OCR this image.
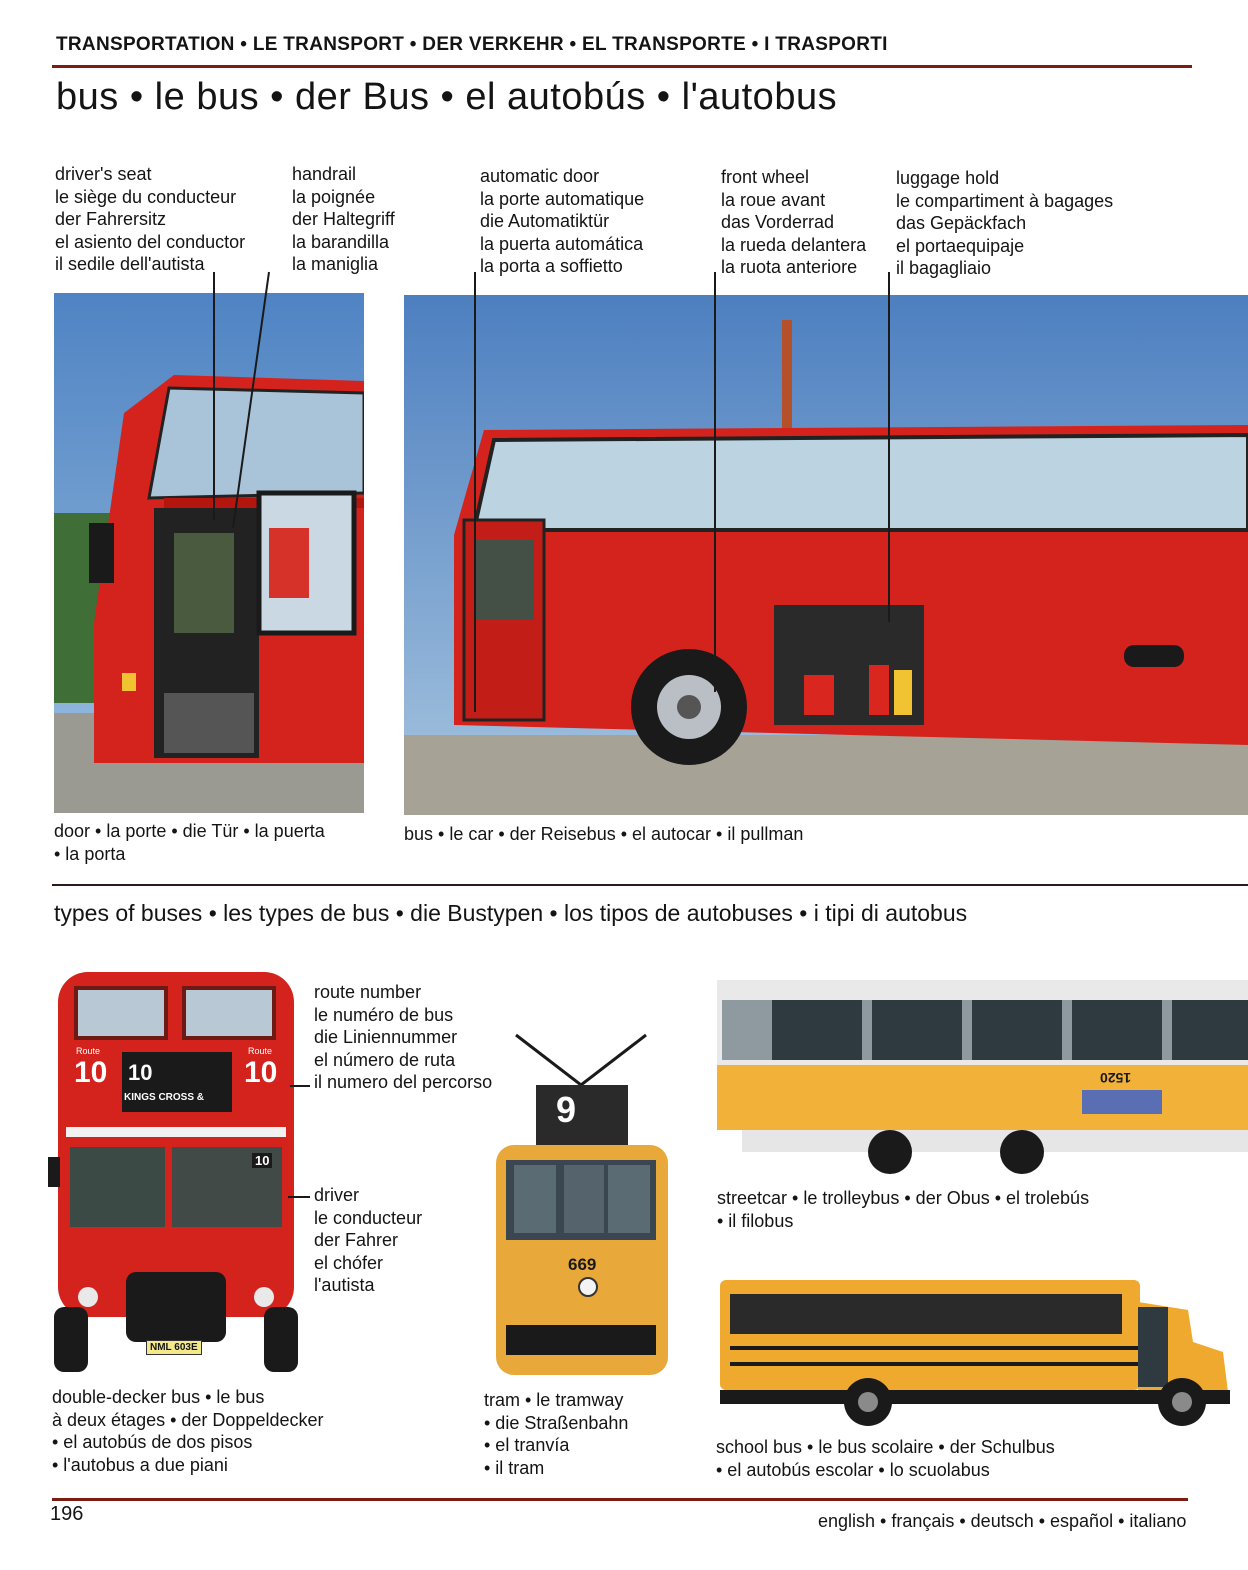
TRANSPORTATION • LE TRANSPORT • DER VERKEHR • EL TRANSPORTE • I TRASPORTI
bus • le bus • der Bus • el autobús • l'autobus
driver's seat
le siège du conducteur
der Fahrersitz
el asiento del conductor
il sedile dell'autista
handrail
la poignée
der Haltegriff
la barandilla
la maniglia
automatic door
la porte automatique
die Automatiktür
la puerta automática
la porta a soffietto
front wheel
la roue avant
das Vorderrad
la rueda delantera
la ruota anteriore
luggage hold
le compartiment à bagages
das Gepäckfach
el portaequipaje
il bagagliaio
door • la porte • die Tür • la puerta
• la porta
bus • le car • der Reisebus • el autocar • il pullman
types of buses • les types de bus • die Bustypen • los tipos de autobuses • i tipi di autobus
10 10	10
Route	Route
KINGS CROSS &
10
NML 603E
route number
le numéro de bus
die Liniennummer
el número de ruta
il numero del percorso
driver
le conducteur
der Fahrer
el chófer
l'autista
double-decker bus • le bus
à deux étages • der Doppeldecker
• el autobús de dos pisos
• l'autobus a due piani
9
669
tram • le tramway
• die Straßenbahn
• el tranvía
• il tram
1520
streetcar • le trolleybus • der Obus • el trolebús
• il filobus
school bus • le bus scolaire • der Schulbus
• el autobús escolar • lo scuolabus
196	english • français • deutsch • español • italiano
